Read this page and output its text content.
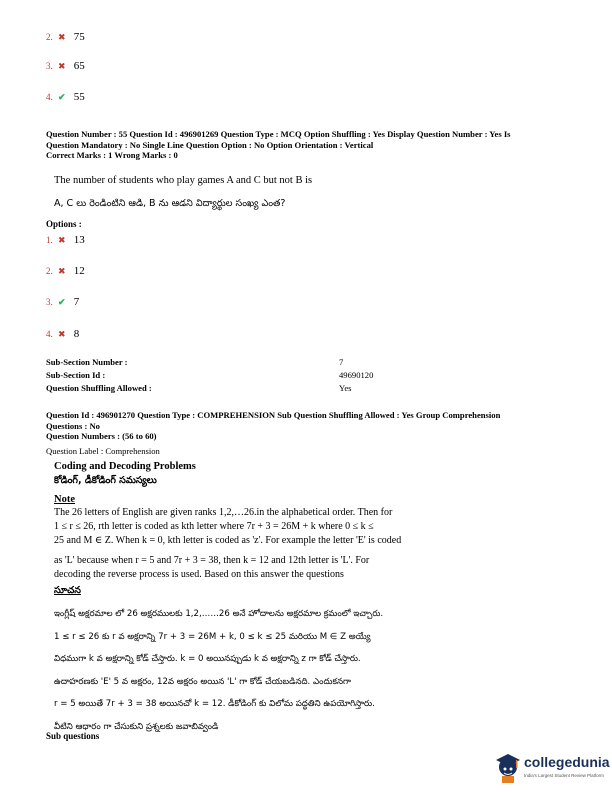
2. ✖ 75
3. ✖ 65
4. ✔ 55
Question Number : 55 Question Id : 496901269 Question Type : MCQ Option Shuffling : Yes Display Question Number : Yes Is
Question Mandatory : No Single Line Question Option : No Option Orientation : Vertical
Correct Marks : 1 Wrong Marks : 0
The number of students who play games A and C but not B is
A, C లు రెండింటిని ఆడి, B ను ఆడని విద్యార్థుల సంఖ్య ఎంత?
Options :
1. ✖ 13
2. ✖ 12
3. ✔ 7
4. ✖ 8
Sub-Section Number :	7
Sub-Section Id :	49690120
Question Shuffling Allowed :	Yes
Question Id : 496901270 Question Type : COMPREHENSION Sub Question Shuffling Allowed : Yes Group Comprehension
Questions : No
Question Numbers : (56 to 60)
Question Label : Comprehension
Coding and Decoding Problems
కోడింగ్, డీకోడింగ్ సమస్యలు
Note
The 26 letters of English are given ranks 1,2,…26.in the alphabetical order. Then for
1 ≤ r ≤ 26, rth letter is coded as kth letter where 7r + 3 = 26M + k where 0 ≤ k ≤
25 and M ∈ Z. When k = 0, kth letter is coded as 'z'. For example the letter 'E' is coded
as 'L' because when r = 5 and 7r + 3 = 38, then k = 12 and 12th letter is 'L'. For
decoding the reverse process is used. Based on this answer the questions
సూచన
ఇంగ్లీష్ అక్షరమాల లో 26 అక్షరములకు 1,2,……26 అనే హోదాలను అక్షరమాల క్రమంలో ఇచ్చారు.
1 ≤ r ≤ 26 కు r వ అక్షరాన్ని 7r + 3 = 26M + k, 0 ≤ k ≤ 25 మరియు M ∈ Z అయ్యే
విధముగా k వ అక్షరాన్ని కోడ్ చేస్తారు. k = 0 అయినప్పుడు k వ అక్షరాన్ని z గా కోడ్ చేస్తారు.
ఉదాహరణకు 'E' 5 వ అక్షరం, 12వ అక్షరం అయిన 'L' గా కోడ్ చేయబడినది. ఎందుకనగా
r = 5 అయితే 7r + 3 = 38 అయినచో k = 12. డీకోడింగ్ కు విలోమ పద్ధతిని ఉపయోగిస్తారు.
వీటిని ఆధారం గా చేసుకుని ప్రశ్నలకు జవాబివ్వండి
Sub questions
collegedunia
India's Largest Student Review Platform
